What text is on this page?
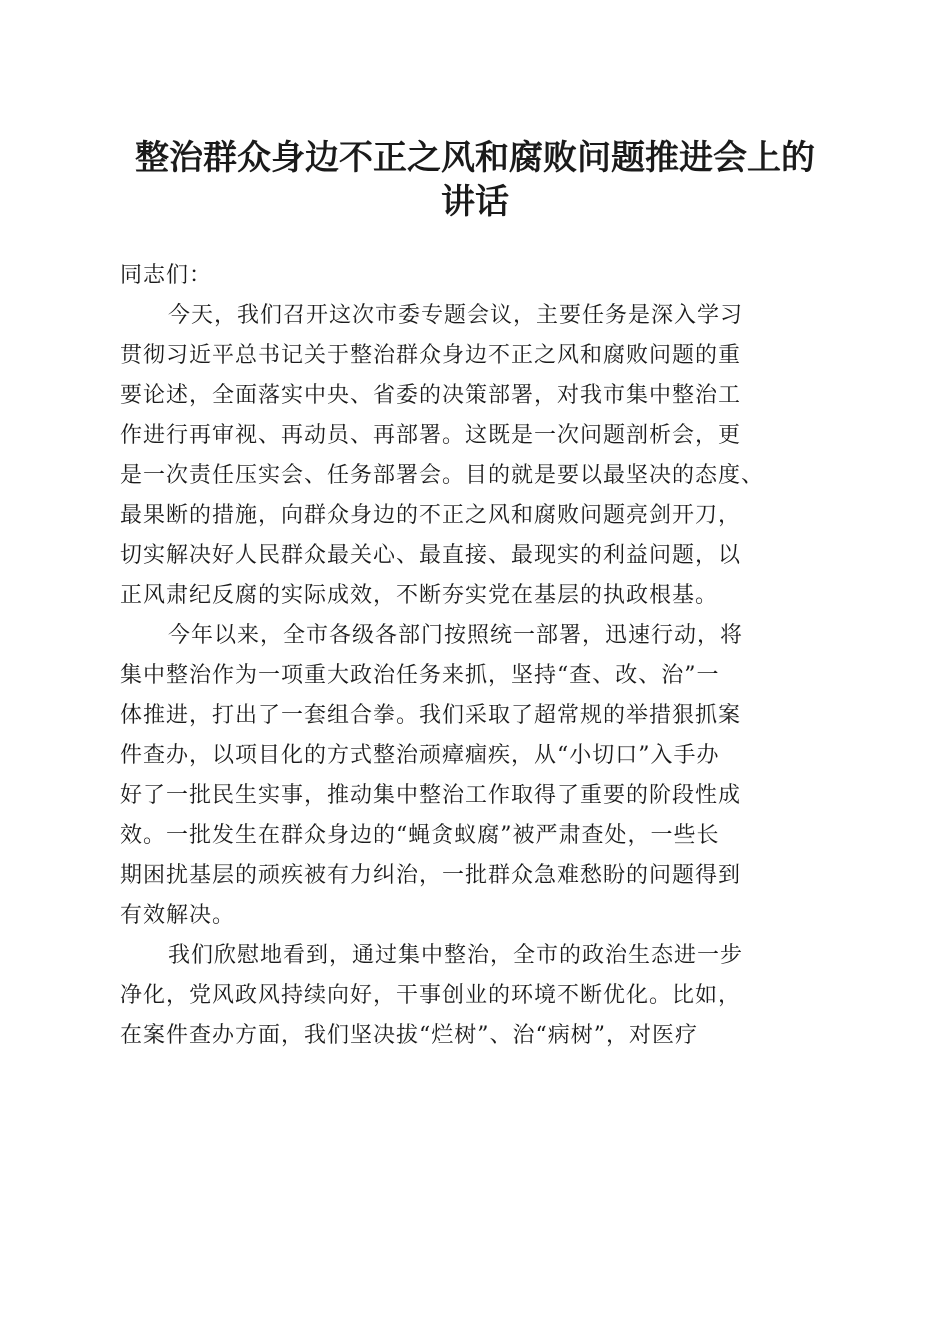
整治群众身边不正之风和腐败问题推进会上的
讲话

同志们：

今天，我们召开这次市委专题会议，主要任务是深入学习
贯彻习近平总书记关于整治群众身边不正之风和腐败问题的重
要论述，全面落实中央、省委的决策部署，对我市集中整治工
作进行再审视、再动员、再部署。这既是一次问题剖析会，更
是一次责任压实会、任务部署会。目的就是要以最坚决的态度、
最果断的措施，向群众身边的不正之风和腐败问题亮剑开刀，
切实解决好人民群众最关心、最直接、最现实的利益问题，以
正风肃纪反腐的实际成效，不断夯实党在基层的执政根基。
今年以来，全市各级各部门按照统一部署，迅速行动，将
集中整治作为一项重大政治任务来抓，坚持“查、改、治”一
体推进，打出了一套组合拳。我们采取了超常规的举措狠抓案
件查办，以项目化的方式整治顽瘴痼疾，从“小切口”入手办
好了一批民生实事，推动集中整治工作取得了重要的阶段性成
效。一批发生在群众身边的“蝇贪蚁腐”被严肃查处，一些长
期困扰基层的顽疾被有力纠治，一批群众急难愁盼的问题得到
有效解决。
我们欣慰地看到，通过集中整治，全市的政治生态进一步
净化，党风政风持续向好，干事创业的环境不断优化。比如，
在案件查办方面，我们坚决拔“烂树”、治“病树”，对医疗
